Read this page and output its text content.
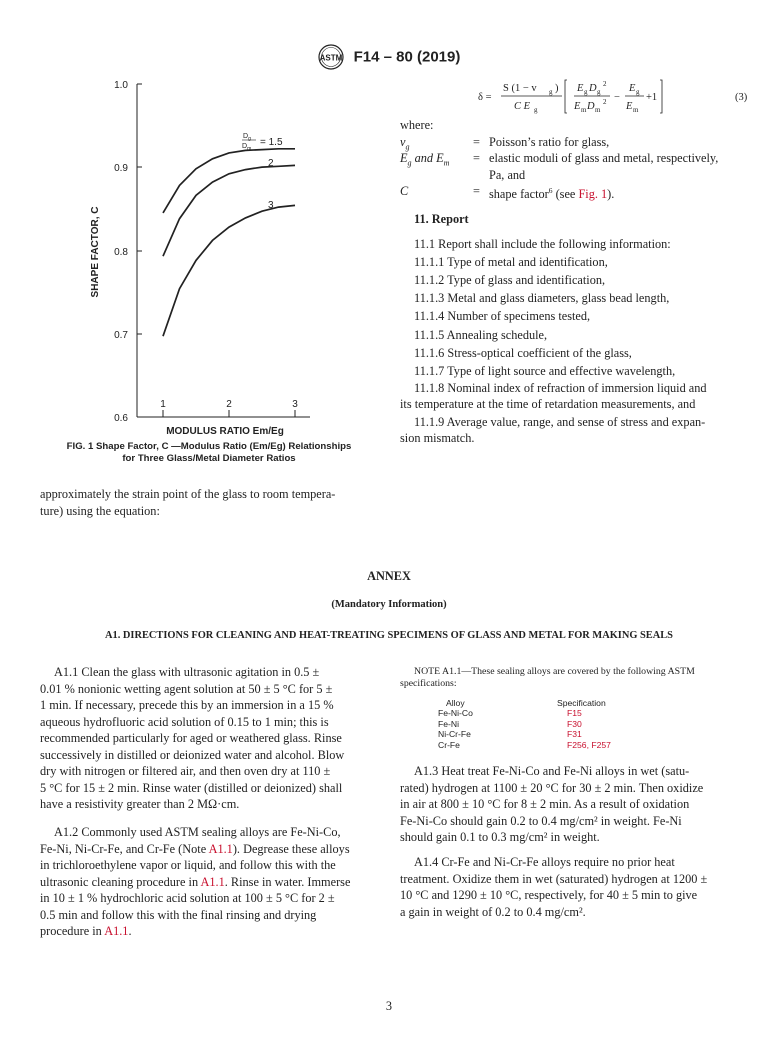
ASTM F14 – 80 (2019)
1.0
0.9
0.8
0.7
0.6
1	2	3
MODULUS RATIO Em/Eg
SHAPE FACTOR, C
$D_g$
$D_m$
= 1.5
2
3
FIG. 1 Shape Factor, C —Modulus Ratio (Em/Eg) Relationships
for Three Glass/Metal Diameter Ratios
approximately the strain point of the glass to room tempera-
ture) using the equation:
δ =
S (1 − v g )
C E g
E g D g
2
E m D m
2 −
E g
E m
+1	(3)
where:
$v_g$	= Poisson’s ratio for glass,
$E_g$ and $E_m$ = elastic moduli of glass and metal, respectively,
Pa, and
C	= shape factor$^6$ (see Fig. 1).
11. Report
11.1 Report shall include the following information:
11.1.1 Type of metal and identification,
11.1.2 Type of glass and identification,
11.1.3 Metal and glass diameters, glass bead length,
11.1.4 Number of specimens tested,
11.1.5 Annealing schedule,
11.1.6 Stress-optical coefficient of the glass,
11.1.7 Type of light source and effective wavelength,
11.1.8 Nominal index of refraction of immersion liquid and
its temperature at the time of retardation measurements, and
11.1.9 Average value, range, and sense of stress and expan-
sion mismatch.
ANNEX
(Mandatory Information)
A1. DIRECTIONS FOR CLEANING AND HEAT-TREATING SPECIMENS OF GLASS AND METAL FOR MAKING SEALS
A1.1 Clean the glass with ultrasonic agitation in 0.5 ±
0.01 % nonionic wetting agent solution at 50 ± 5 °C for 5 ±
1 min. If necessary, precede this by an immersion in a 15 %
aqueous hydrofluoric acid solution of 0.15 to 1 min; this is
recommended particularly for aged or weathered glass. Rinse
successively in distilled or deionized water and alcohol. Blow
dry with nitrogen or filtered air, and then oven dry at 110 ±
5 °C for 15 ± 2 min. Rinse water (distilled or deionized) shall
have a resistivity greater than 2 MΩ·cm.
A1.2 Commonly used ASTM sealing alloys are Fe-Ni-Co,
Fe-Ni, Ni-Cr-Fe, and Cr-Fe (Note A1.1). Degrease these alloys
in trichloroethylene vapor or liquid, and follow this with the
ultrasonic cleaning procedure in A1.1. Rinse in water. Immerse
in 10 ± 1 % hydrochloric acid solution at 100 ± 5 °C for 2 ±
0.5 min and follow this with the final rinsing and drying
procedure in A1.1.
NOTE A1.1—These sealing alloys are covered by the following ASTM
specifications:
Alloy	Specification
Fe-Ni-Co	F15
Fe-Ni	F30
Ni-Cr-Fe	F31
Cr-Fe	F256, F257
A1.3 Heat treat Fe-Ni-Co and Fe-Ni alloys in wet (satu-
rated) hydrogen at 1100 ± 20 °C for 30 ± 2 min. Then oxidize
in air at 800 ± 10 °C for 8 ± 2 min. As a result of oxidation
Fe-Ni-Co should gain 0.2 to 0.4 mg/cm² in weight. Fe-Ni
should gain 0.1 to 0.3 mg/cm² in weight.
A1.4 Cr-Fe and Ni-Cr-Fe alloys require no prior heat
treatment. Oxidize them in wet (saturated) hydrogen at 1200 ±
10 °C and 1290 ± 10 °C, respectively, for 40 ± 5 min to give
a gain in weight of 0.2 to 0.4 mg/cm².
3
